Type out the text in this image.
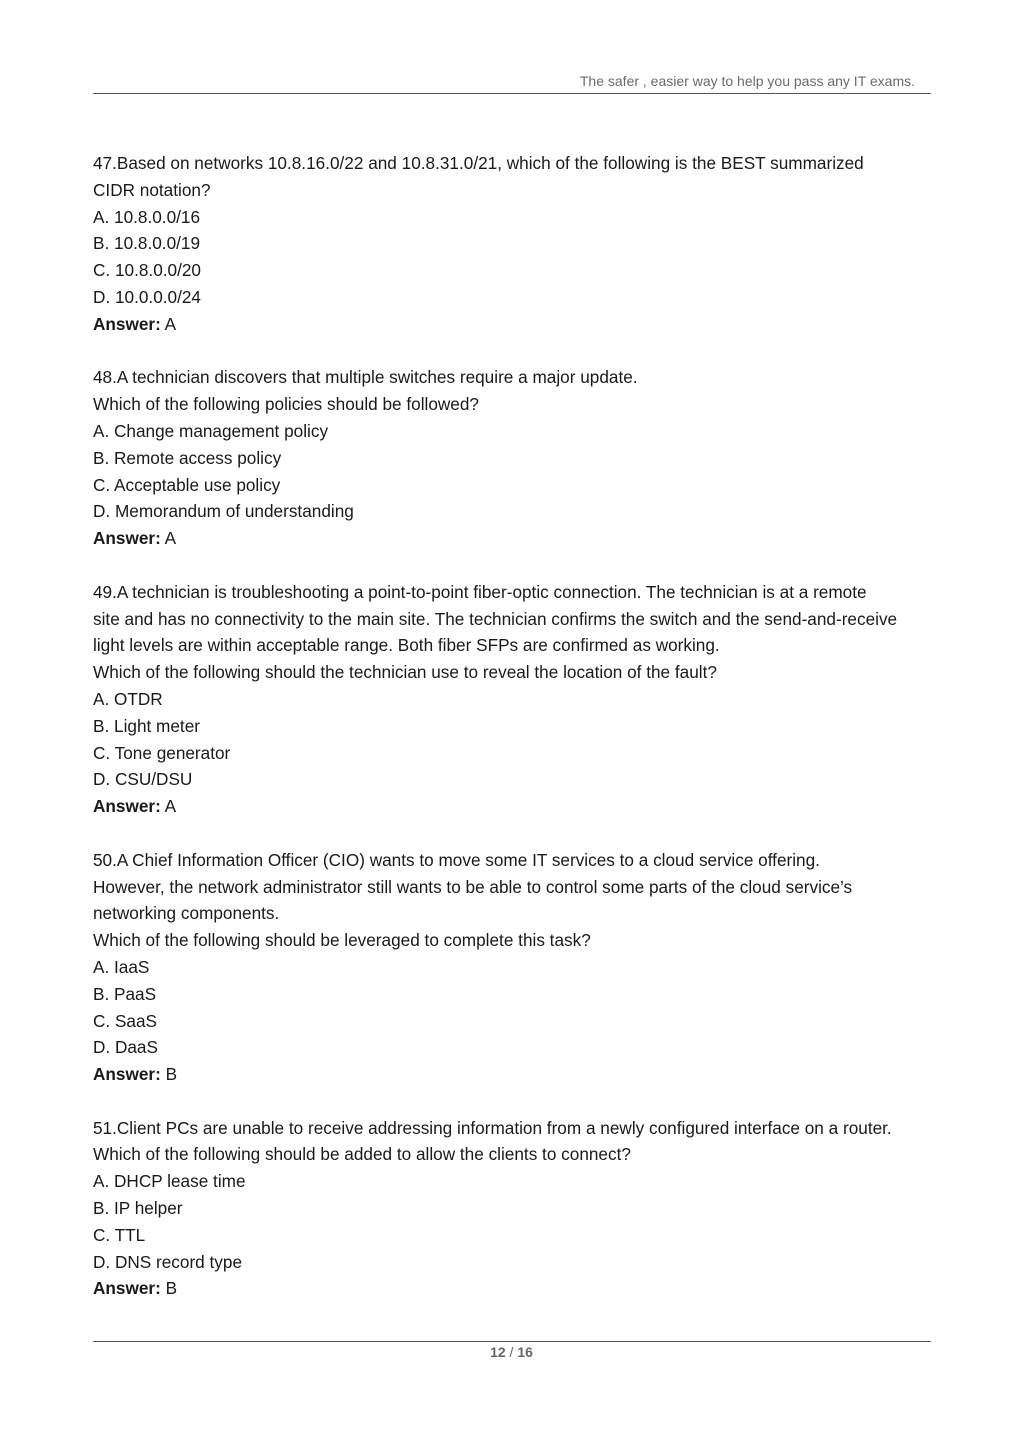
The safer , easier way to help you pass any IT exams.
47.Based on networks 10.8.16.0/22 and 10.8.31.0/21, which of the following is the BEST summarized
CIDR notation?
A. 10.8.0.0/16
B. 10.8.0.0/19
C. 10.8.0.0/20
D. 10.0.0.0/24
Answer: A
48.A technician discovers that multiple switches require a major update.
Which of the following policies should be followed?
A. Change management policy
B. Remote access policy
C. Acceptable use policy
D. Memorandum of understanding
Answer: A
49.A technician is troubleshooting a point-to-point fiber-optic connection. The technician is at a remote
site and has no connectivity to the main site. The technician confirms the switch and the send-and-receive
light levels are within acceptable range. Both fiber SFPs are confirmed as working.
Which of the following should the technician use to reveal the location of the fault?
A. OTDR
B. Light meter
C. Tone generator
D. CSU/DSU
Answer: A
50.A Chief Information Officer (CIO) wants to move some IT services to a cloud service offering.
However, the network administrator still wants to be able to control some parts of the cloud service’s
networking components.
Which of the following should be leveraged to complete this task?
A. IaaS
B. PaaS
C. SaaS
D. DaaS
Answer: B
51.Client PCs are unable to receive addressing information from a newly configured interface on a router.
Which of the following should be added to allow the clients to connect?
A. DHCP lease time
B. IP helper
C. TTL
D. DNS record type
Answer: B
12 / 16
